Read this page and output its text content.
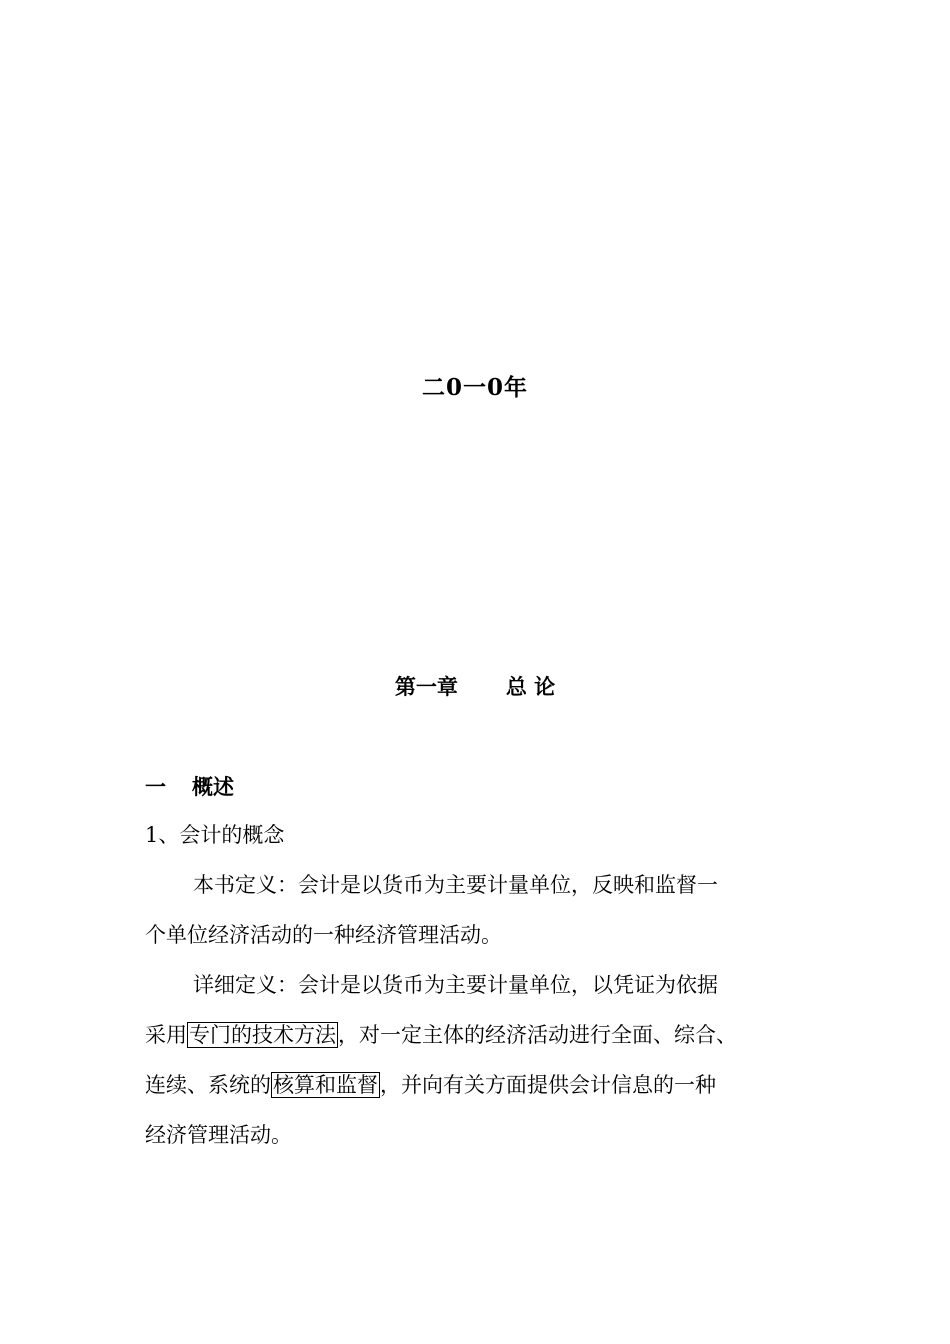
二0一0年
第一章 总 论
一 概述
1、会计的概念
本书定义：会计是以货币为主要计量单位，反映和监督一
个单位经济活动的一种经济管理活动。
详细定义：会计是以货币为主要计量单位，以凭证为依据
采用专门的技术方法，对一定主体的经济活动进行全面、综合、
连续、系统的核算和监督，并向有关方面提供会计信息的一种
经济管理活动。
